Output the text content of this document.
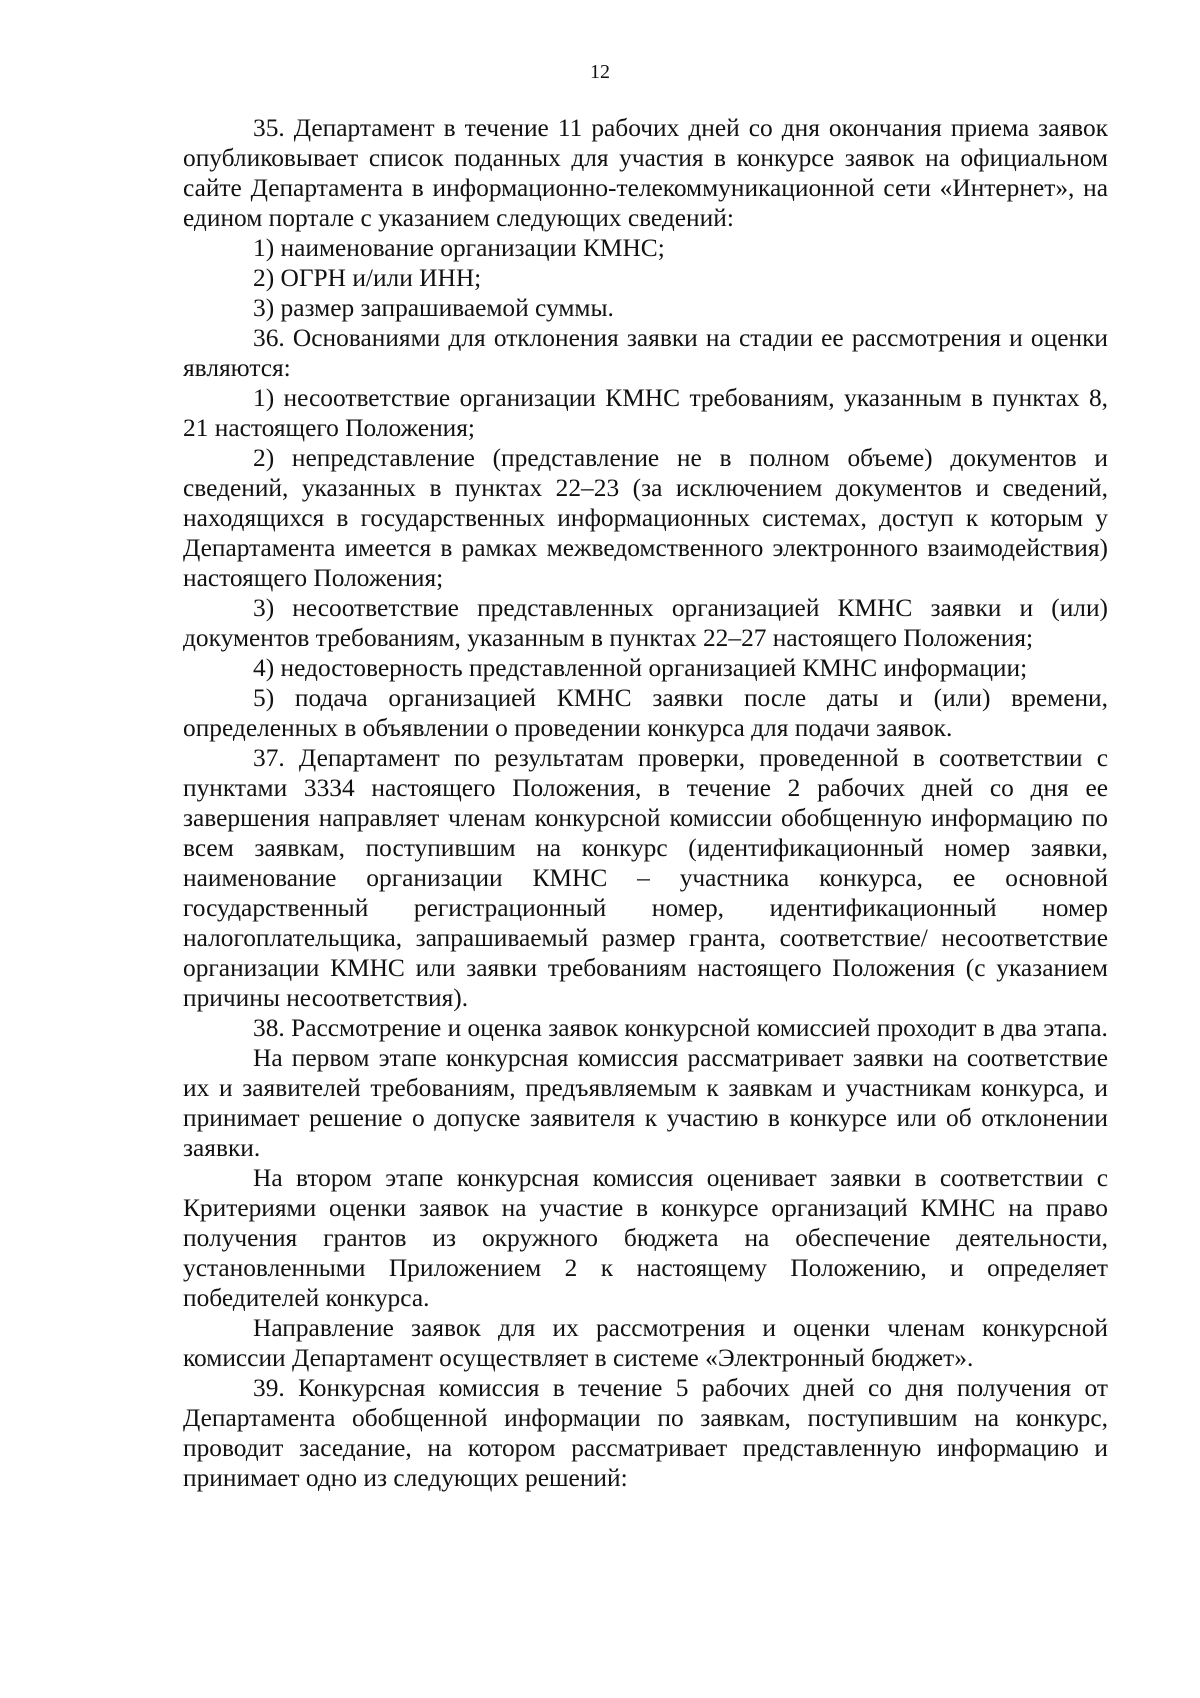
12

35. Департамент в течение 11 рабочих дней со дня окончания приема заявок опубликовывает список поданных для участия в конкурсе заявок на официальном сайте Департамента в информационно-телекоммуникационной сети «Интернет», на едином портале с указанием следующих сведений:

1) наименование организации КМНС;

2) ОГРН и/или ИНН;

3) размер запрашиваемой суммы.

36. Основаниями для отклонения заявки на стадии ее рассмотрения и оценки являются:

1) несоответствие организации КМНС требованиям, указанным в пунктах 8, 21 настоящего Положения;

2) непредставление (представление не в полном объеме) документов и сведений, указанных в пунктах 22–23 (за исключением документов и сведений, находящихся в государственных информационных системах, доступ к которым у Департамента имеется в рамках межведомственного электронного взаимодействия) настоящего Положения;

3) несоответствие представленных организацией КМНС заявки и (или) документов требованиям, указанным в пунктах 22–27 настоящего Положения;

4) недостоверность представленной организацией КМНС информации;

5) подача организацией КМНС заявки после даты и (или) времени, определенных в объявлении о проведении конкурса для подачи заявок.

37. Департамент по результатам проверки, проведенной в соответствии с пунктами 3334 настоящего Положения, в течение 2 рабочих дней со дня ее завершения направляет членам конкурсной комиссии обобщенную информацию по всем заявкам, поступившим на конкурс (идентификационный номер заявки, наименование организации КМНС – участника конкурса, ее основной государственный регистрационный номер, идентификационный номер налогоплательщика, запрашиваемый размер гранта, соответствие/ несоответствие организации КМНС или заявки требованиям настоящего Положения (с указанием причины несоответствия).

38. Рассмотрение и оценка заявок конкурсной комиссией проходит в два этапа.

На первом этапе конкурсная комиссия рассматривает заявки на соответствие их и заявителей требованиям, предъявляемым к заявкам и участникам конкурса, и принимает решение о допуске заявителя к участию в конкурсе или об отклонении заявки.

На втором этапе конкурсная комиссия оценивает заявки в соответствии с Критериями оценки заявок на участие в конкурсе организаций КМНС на право получения грантов из окружного бюджета на обеспечение деятельности, установленными Приложением 2 к настоящему Положению, и определяет победителей конкурса.

Направление заявок для их рассмотрения и оценки членам конкурсной комиссии Департамент осуществляет в системе «Электронный бюджет».

39. Конкурсная комиссия в течение 5 рабочих дней со дня получения от Департамента обобщенной информации по заявкам, поступившим на конкурс, проводит заседание, на котором рассматривает представленную информацию и принимает одно из следующих решений:
